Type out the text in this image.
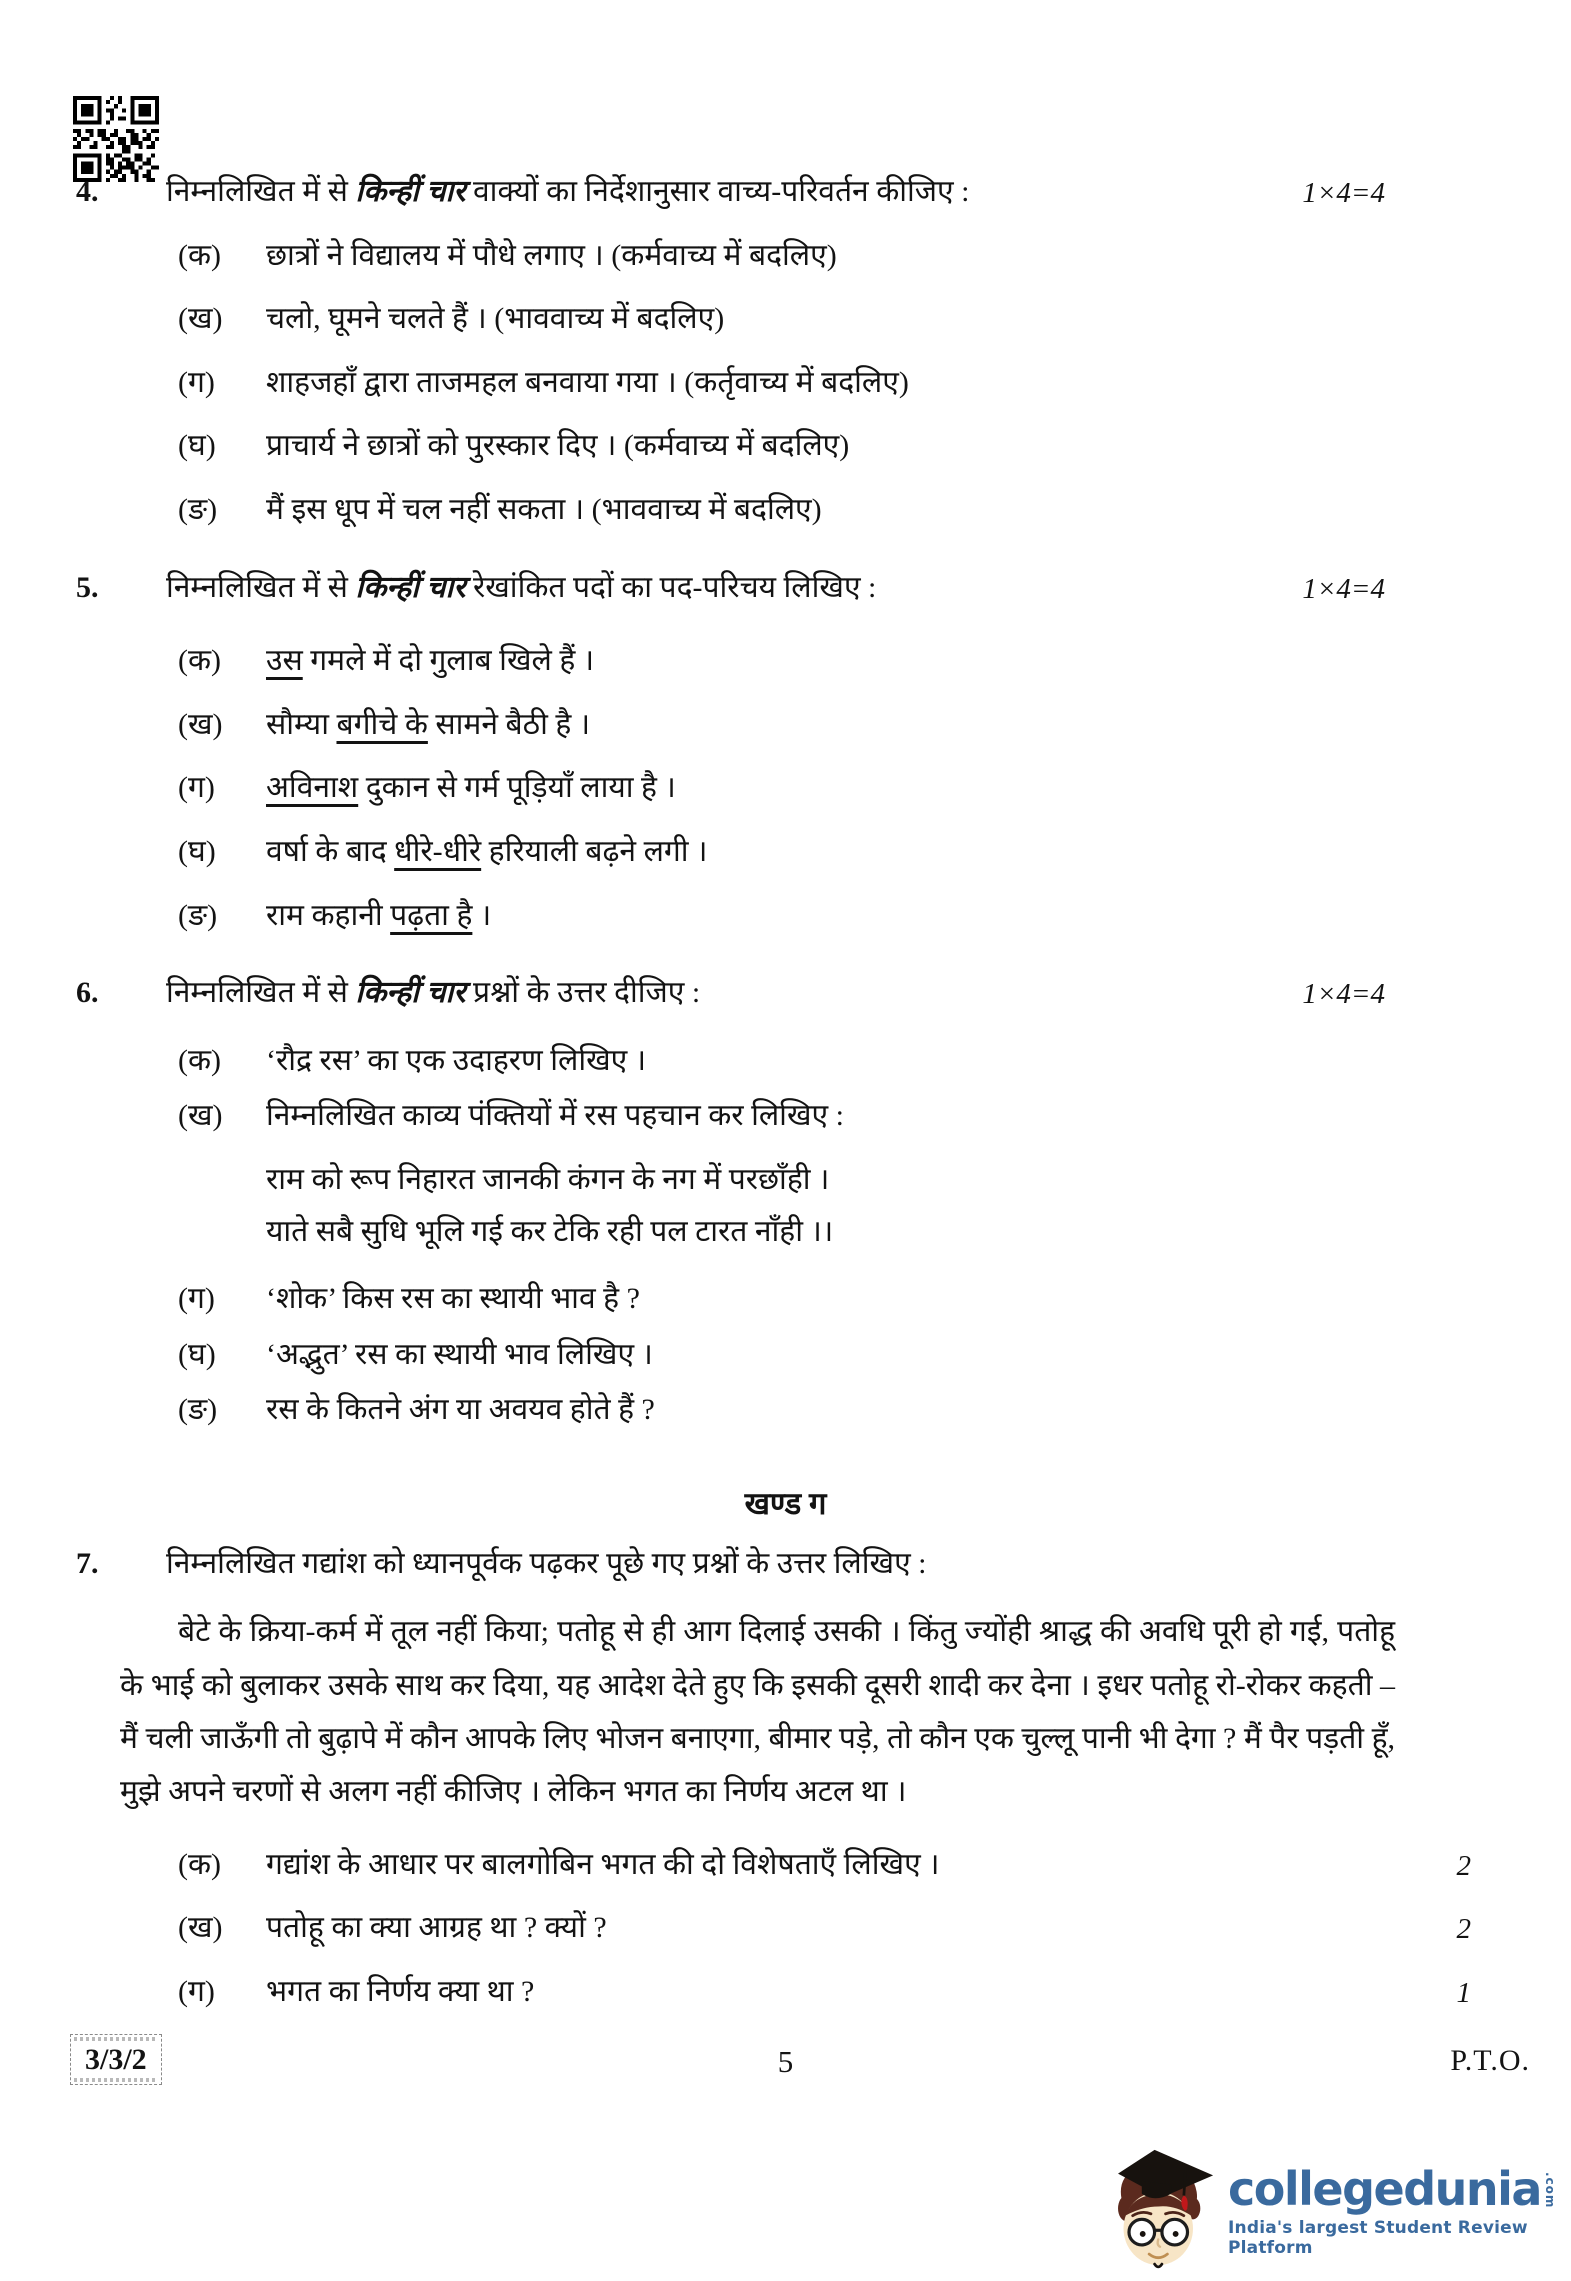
4.	निम्नलिखित में से किन्हीं चार वाक्यों का निर्देशानुसार वाच्य-परिवर्तन कीजिए :	1×4=4
(क)	छात्रों ने विद्यालय में पौधे लगाए । (कर्मवाच्य में बदलिए)
(ख)	चलो, घूमने चलते हैं । (भाववाच्य में बदलिए)
(ग)	शाहजहाँ द्वारा ताजमहल बनवाया गया । (कर्तृवाच्य में बदलिए)
(घ)	प्राचार्य ने छात्रों को पुरस्कार दिए । (कर्मवाच्य में बदलिए)
(ङ)	मैं इस धूप में चल नहीं सकता । (भाववाच्य में बदलिए)
5.	निम्नलिखित में से किन्हीं चार रेखांकित पदों का पद-परिचय लिखिए :	1×4=4
(क)	उस गमले में दो गुलाब खिले हैं ।
(ख)	सौम्या बगीचे के सामने बैठी है ।
(ग)	अविनाश दुकान से गर्म पूड़ियाँ लाया है ।
(घ)	वर्षा के बाद धीरे-धीरे हरियाली बढ़ने लगी ।
(ङ)	राम कहानी पढ़ता है ।
6.	निम्नलिखित में से किन्हीं चार प्रश्नों के उत्तर दीजिए :	1×4=4
(क)	‘रौद्र रस’ का एक उदाहरण लिखिए ।
(ख)	निम्नलिखित काव्य पंक्तियों में रस पहचान कर लिखिए :
राम को रूप निहारत जानकी कंगन के नग में परछाँही ।
याते सबै सुधि भूलि गई कर टेकि रही पल टारत नाँही ।।
(ग)	‘शोक’ किस रस का स्थायी भाव है ?
(घ)	‘अद्भुत’ रस का स्थायी भाव लिखिए ।
(ङ)	रस के कितने अंग या अवयव होते हैं ?
खण्ड ग
7.	निम्नलिखित गद्यांश को ध्यानपूर्वक पढ़कर पूछे गए प्रश्नों के उत्तर लिखिए :
बेटे के क्रिया-कर्म में तूल नहीं किया; पतोहू से ही आग दिलाई उसकी । किंतु ज्योंही श्राद्ध की अवधि पूरी हो गई, पतोहू के भाई को बुलाकर उसके साथ कर दिया, यह आदेश देते हुए कि इसकी दूसरी शादी कर देना । इधर पतोहू रो-रोकर कहती – मैं चली जाऊँगी तो बुढ़ापे में कौन आपके लिए भोजन बनाएगा, बीमार पड़े, तो कौन एक चुल्लू पानी भी देगा ? मैं पैर पड़ती हूँ, मुझे अपने चरणों से अलग नहीं कीजिए । लेकिन भगत का निर्णय अटल था ।
(क)	गद्यांश के आधार पर बालगोबिन भगत की दो विशेषताएँ लिखिए ।	2
(ख)	पतोहू का क्या आग्रह था ? क्यों ?	2
(ग)	भगत का निर्णय क्या था ?	1
3/3/2	5	P.T.O.
collegedunia .com
India's largest Student Review Platform
